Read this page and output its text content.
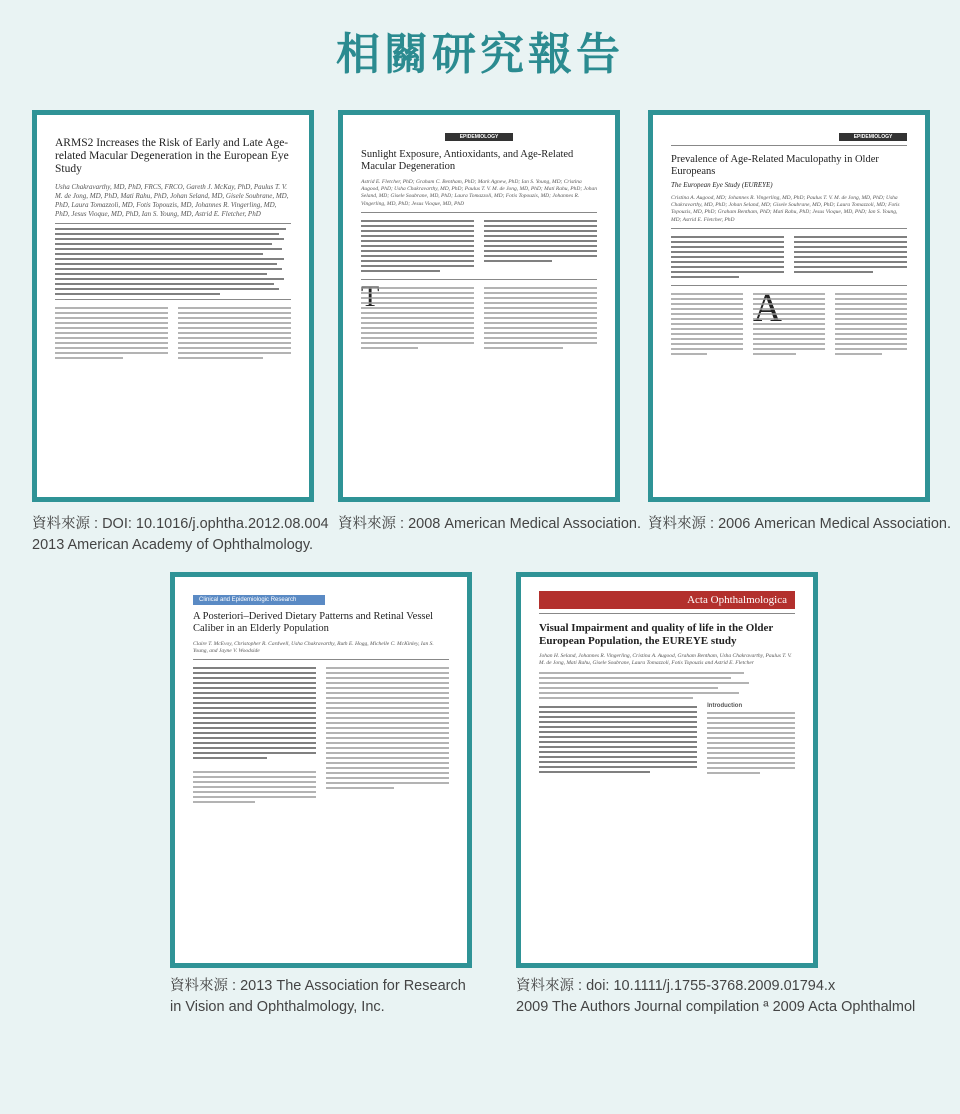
相關研究報告
ARMS2 Increases the Risk of Early and Late Age-related Macular Degeneration in the European Eye Study
Usha Chakravarthy, MD, PhD, FRCS, FRCO, Gareth J. McKay, PhD, Paulus T. V. M. de Jong, MD, PhD, Mati Rahu, PhD, Johan Seland, MD, Gisele Soubrane, MD, PhD, Laura Tomazzoli, MD, Fotis Topouzis, MD, Johannes R. Vingerling, MD, PhD, Jesus Vioque, MD, PhD, Ian S. Young, MD, Astrid E. Fletcher, PhD
資料來源 : DOI: 10.1016/j.ophtha.2012.08.004
2013 American Academy of Ophthalmology.
EPIDEMIOLOGY
Sunlight Exposure, Antioxidants, and Age-Related Macular Degeneration
Astrid E. Fletcher, PhD; Graham C. Bentham, PhD; Mark Agnew, PhD; Ian S. Young, MD; Cristina Augood, PhD; Usha Chakravarthy, MD, PhD; Paulus T. V. M. de Jong, MD, PhD; Mati Rahu, PhD; Johan Seland, MD; Gisele Soubrane, MD, PhD; Laura Tomazzoli, MD; Fotis Topouzis, MD; Johannes R. Vingerling, MD, PhD; Jesus Vioque, MD, PhD
資料來源 : 2008 American Medical Association.
EPIDEMIOLOGY
Prevalence of Age-Related Maculopathy in Older Europeans
The European Eye Study (EUREYE)
Cristina A. Augood, MD; Johannes R. Vingerling, MD, PhD; Paulus T. V. M. de Jong, MD, PhD; Usha Chakravarthy, MD, PhD; Johan Seland, MD; Gisele Soubrane, MD, PhD; Laura Tomazzoli, MD; Fotis Topouzis, MD, PhD; Graham Bentham, PhD; Mati Rahu, PhD; Jesus Vioque, MD, PhD; Ian S. Young, MD; Astrid E. Fletcher, PhD
資料來源 : 2006 American Medical Association.
Clinical and Epidemiologic Research
A Posteriori–Derived Dietary Patterns and Retinal Vessel Caliber in an Elderly Population
Claire T. McEvoy, Christopher R. Cardwell, Usha Chakravarthy, Ruth E. Hogg, Michelle C. McKinley, Ian S. Young, and Jayne V. Woodside
資料來源 : 2013 The Association for Research
in Vision and Ophthalmology, Inc.
Acta Ophthalmologica
Visual Impairment and quality of life in the Older European Population, the EUREYE study
Johan H. Seland, Johannes R. Vingerling, Cristina A. Augood, Graham Bentham, Usha Chakravarthy, Paulus T. V. M. de Jong, Mati Rahu, Gisele Soubrane, Laura Tomazzoli, Fotis Topouzis and Astrid E. Fletcher
Introduction
資料來源 : doi: 10.1111/j.1755-3768.2009.01794.x
2009 The Authors Journal compilation ª 2009 Acta Ophthalmol
